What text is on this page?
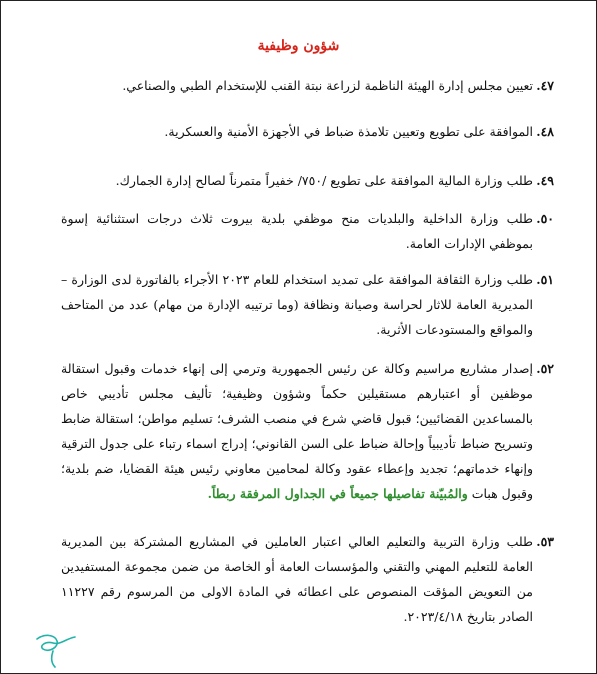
شؤون وظيفية
٤٧.
تعيين مجلس إدارة الهيئة الناظمة لزراعة نبتة القنب للإستخدام الطبي والصناعي.
٤٨.
الموافقة على تطويع وتعيين تلامذة ضباط في الأجهزة الأمنية والعسكرية.
٤٩.
طلب وزارة المالية الموافقة على تطويع /٧٥٠/ خفيراً متمرناً لصالح إدارة الجمارك.
٥٠.
طلب وزارة الداخلية والبلديات منح موظفي بلدية بيروت ثلاث درجات استثنائية إسوة بموظفي الإدارات العامة.
٥١.
طلب وزارة الثقافة الموافقة على تمديد استخدام للعام ٢٠٢٣ الأجراء بالفاتورة لدى الوزارة – المديرية العامة للاثار لحراسة وصيانة ونظافة (وما ترتيبه الإدارة من مهام) عدد من المتاحف والمواقع والمستودعات الأثرية.
٥٢.
إصدار مشاريع مراسيم وكالة عن رئيس الجمهورية وترمي إلى إنهاء خدمات وقبول استقالة موظفين أو اعتبارهم مستقيلين حكماً وشؤون وظيفية؛ تأليف مجلس تأديبي خاص بالمساعدين القضائيين؛ قبول قاضي شرع في منصب الشرف؛ تسليم مواطن؛ استقالة ضابط وتسريح ضباط تأديبياً وإحالة ضباط على السن القانوني؛ إدراج اسماء رتباء على جدول الترقية وإنهاء خدماتهم؛ تجديد وإعطاء عقود وكالة لمحامين معاوني رئيس هيئة القضايا، ضم بلدية؛ وقبول هبات والمُبيّنة تفاصيلها جميعاً في الجداول المرفقة ربطاً.
٥٣.
طلب وزارة التربية والتعليم العالي اعتبار العاملين في المشاريع المشتركة بين المديرية العامة للتعليم المهني والتقني والمؤسسات العامة أو الخاصة من ضمن مجموعة المستفيدين من التعويض المؤقت المنصوص على اعطائه في المادة الاولى من المرسوم رقم ١١٢٢٧ الصادر بتاريخ ٢٠٢٣/٤/١٨.
